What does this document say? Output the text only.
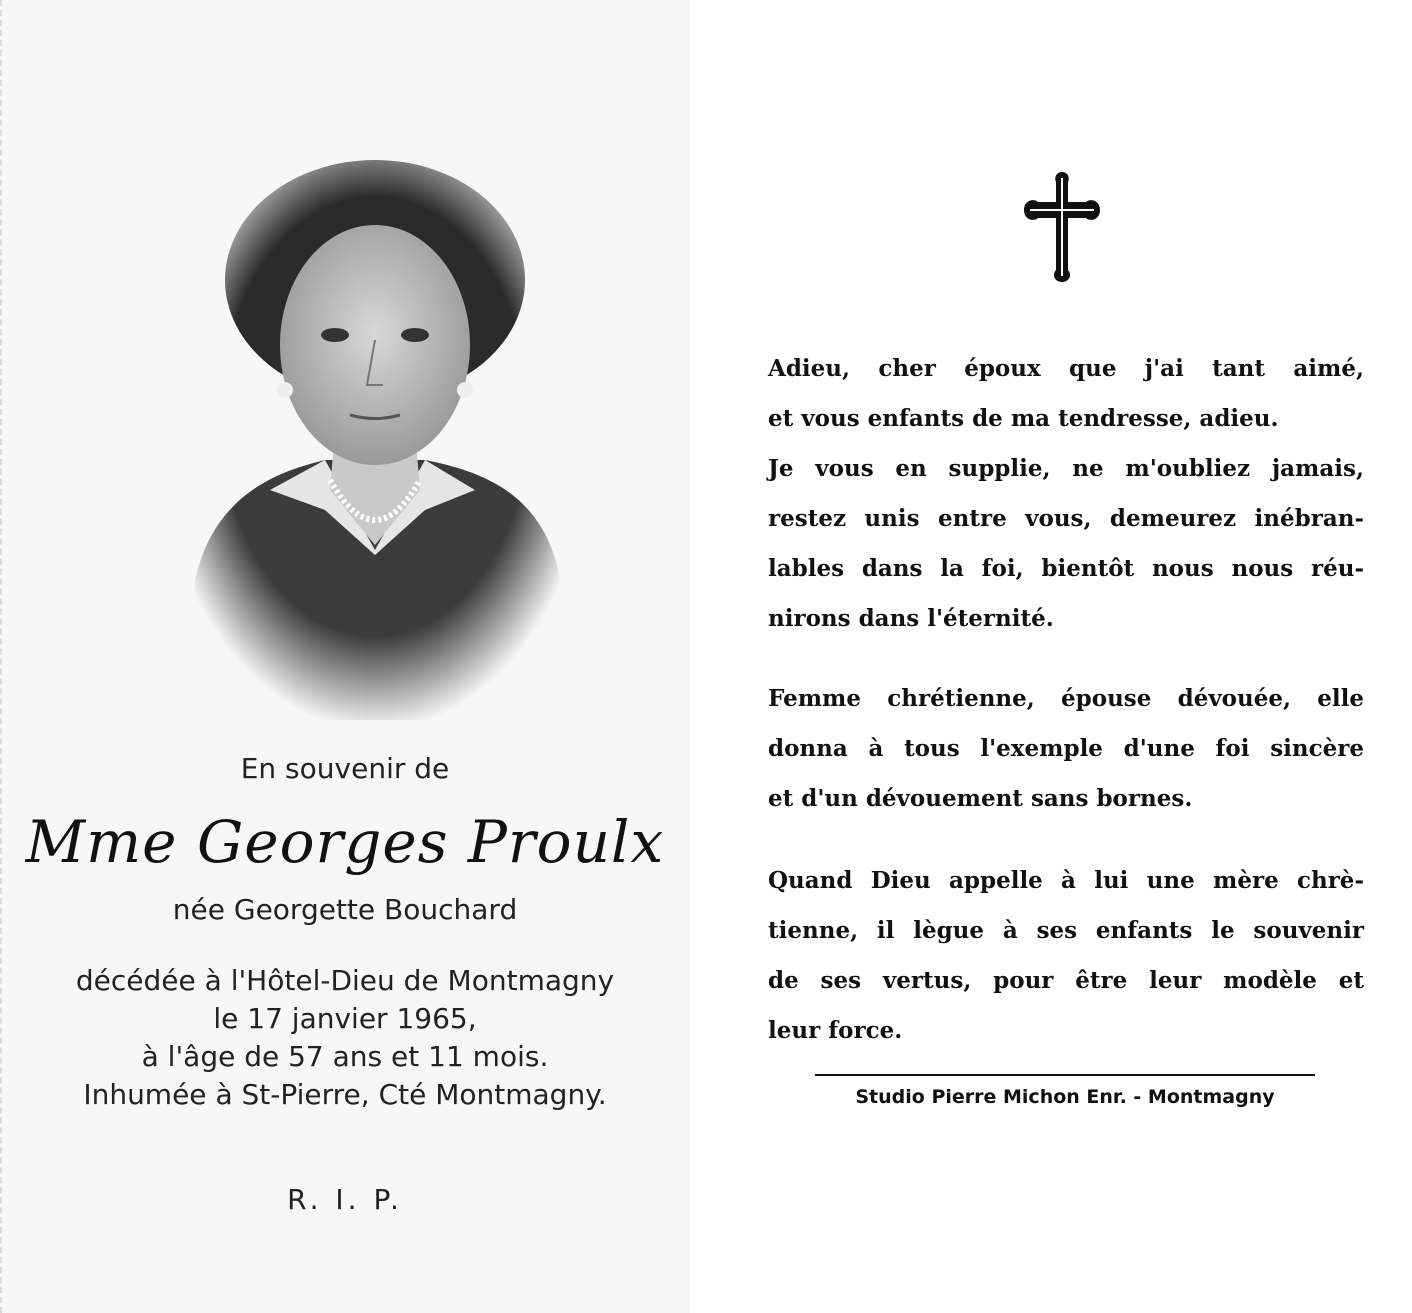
En souvenir de
Mme Georges Proulx
née Georgette Bouchard
décédée à l'Hôtel-Dieu de Montmagny
le 17 janvier 1965,
à l'âge de 57 ans et 11 mois.
Inhumée à St-Pierre, Cté Montmagny.
R. I. P.
Adieu, cher époux que j'ai tant aimé,
et vous enfants de ma tendresse, adieu.
Je vous en supplie, ne m'oubliez jamais,
restez unis entre vous, demeurez inébran-
lables dans la foi, bientôt nous nous réu-
nirons dans l'éternité.
Femme chrétienne, épouse dévouée, elle
donna à tous l'exemple d'une foi sincère
et d'un dévouement sans bornes.
Quand Dieu appelle à lui une mère chrè-
tienne, il lègue à ses enfants le souvenir
de ses vertus, pour être leur modèle et
leur force.
Studio Pierre Michon Enr. - Montmagny
